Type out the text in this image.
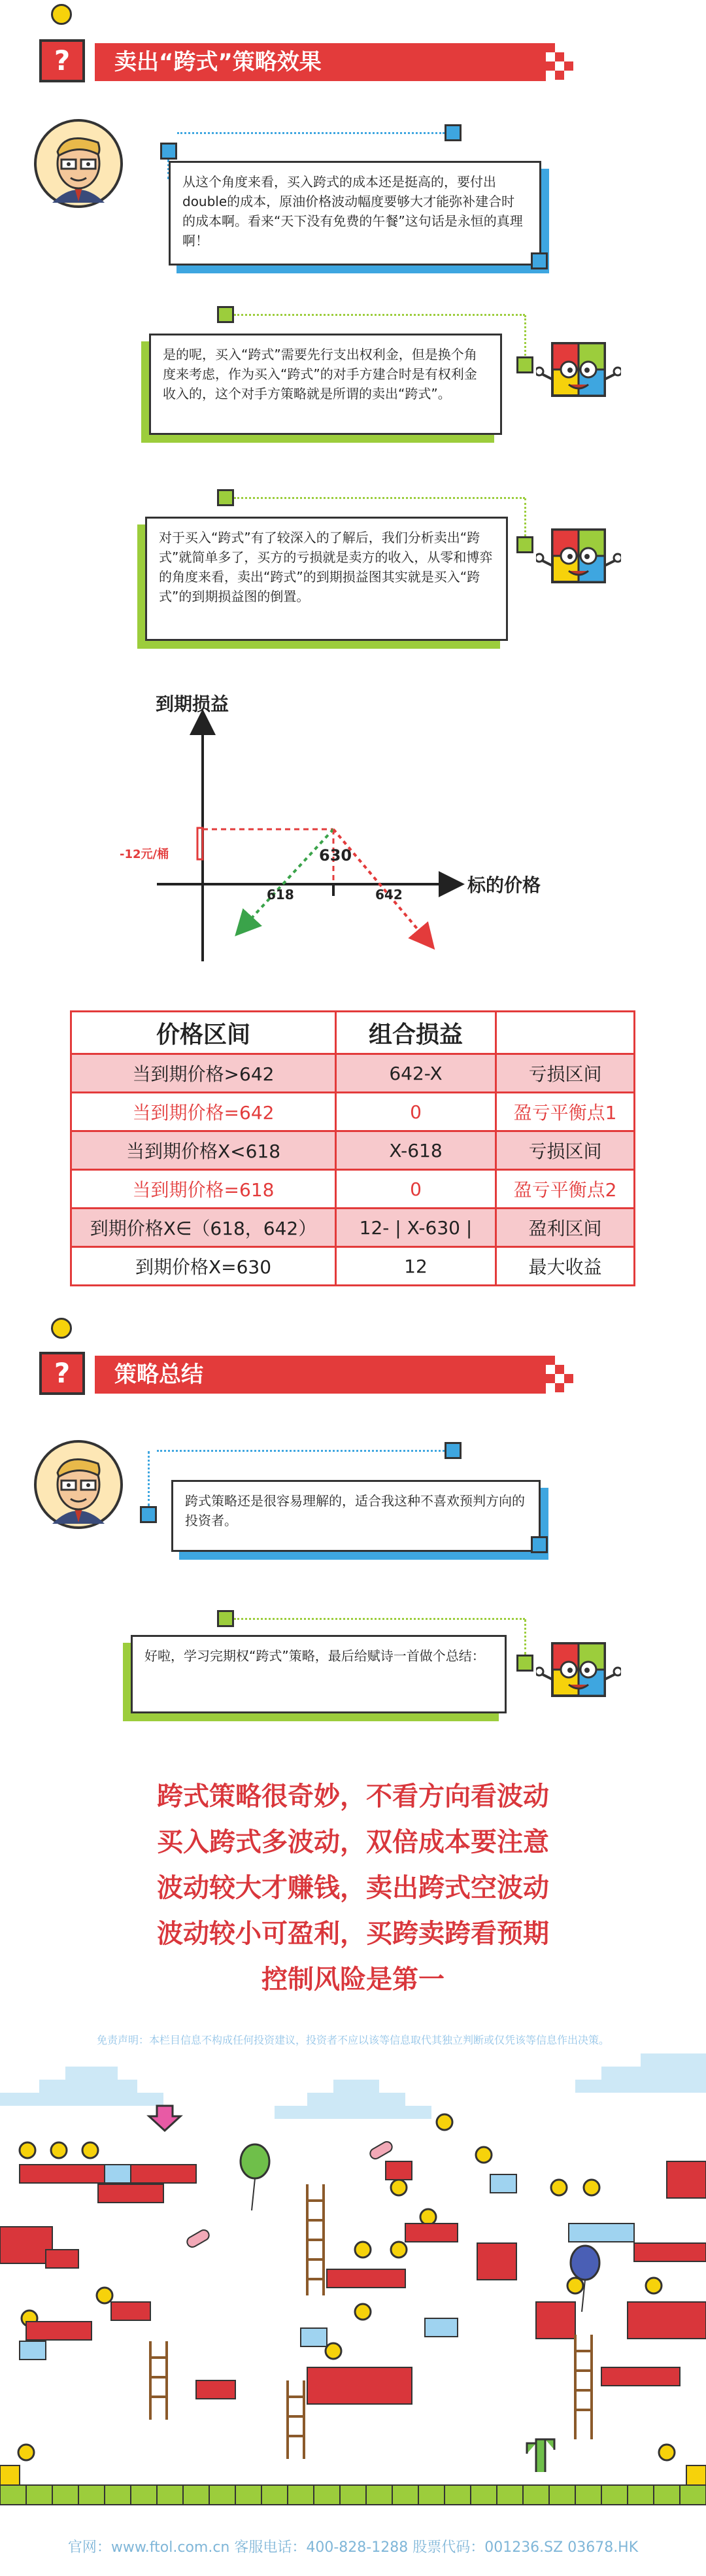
?	卖出“跨式”策略效果
从这个角度来看，买入跨式的成本还是挺高的，要付出double的成本，原油价格波动幅度要够大才能弥补建合时的成本啊。看来“天下没有免费的午餐”这句话是永恒的真理啊！
是的呢，买入“跨式”需要先行支出权利金，但是换个角度来考虑，作为买入“跨式”的对手方建合时是有权利金收入的，这个对手方策略就是所谓的卖出“跨式”。
对于买入“跨式”有了较深入的了解后，我们分析卖出“跨式”就简单多了，买方的亏损就是卖方的收入，从零和博弈的角度来看，卖出“跨式”的到期损益图其实就是买入“跨式”的到期损益图的倒置。
到期损益
标的价格
-12元/桶	630
618	642
价格区间	组合损益	
当到期价格>642	642-X	亏损区间
当到期价格=642	0	盈亏平衡点1
当到期价格X<618	X-618	亏损区间
当到期价格=618	0	盈亏平衡点2
到期价格X∈（618，642）	12- | X-630 |	盈利区间
到期价格X=630	12	最大收益
?	策略总结
跨式策略还是很容易理解的，适合我这种不喜欢预判方向的投资者。
好啦，学习完期权“跨式”策略，最后给赋诗一首做个总结：
跨式策略很奇妙，不看方向看波动
买入跨式多波动，双倍成本要注意
波动较大才赚钱，卖出跨式空波动
波动较小可盈利，买跨卖跨看预期
控制风险是第一
免责声明：本栏目信息不构成任何投资建议，投资者不应以该等信息取代其独立判断或仅凭该等信息作出决策。
官网：www.ftol.com.cn 客服电话：400-828-1288 股票代码：001236.SZ 03678.HK
